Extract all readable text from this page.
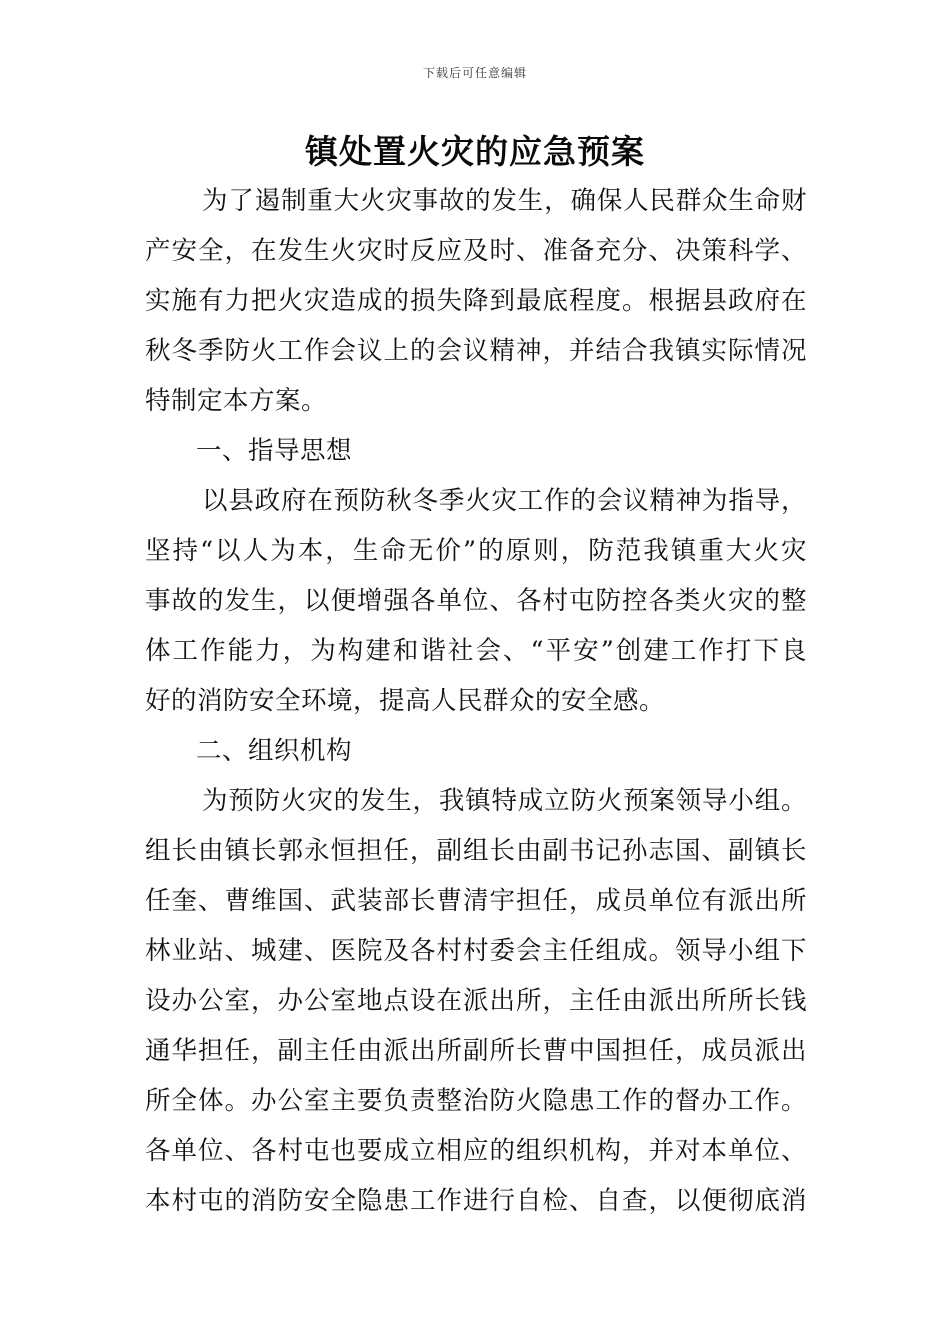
下载后可任意编辑
镇处置火灾的应急预案
为了遏制重大火灾事故的发生，确保人民群众生命财
产安全，在发生火灾时反应及时、准备充分、决策科学、
实施有力把火灾造成的损失降到最底程度。根据县政府在
秋冬季防火工作会议上的会议精神，并结合我镇实际情况
特制定本方案。
一、指导思想
以县政府在预防秋冬季火灾工作的会议精神为指导，
坚持“以人为本，生命无价”的原则，防范我镇重大火灾
事故的发生，以便增强各单位、各村屯防控各类火灾的整
体工作能力，为构建和谐社会、“平安”创建工作打下良
好的消防安全环境，提高人民群众的安全感。
二、组织机构
为预防火灾的发生，我镇特成立防火预案领导小组。
组长由镇长郭永恒担任，副组长由副书记孙志国、副镇长
任奎、曹维国、武装部长曹清宇担任，成员单位有派出所
林业站、城建、医院及各村村委会主任组成。领导小组下
设办公室，办公室地点设在派出所，主任由派出所所长钱
通华担任，副主任由派出所副所长曹中国担任，成员派出
所全体。办公室主要负责整治防火隐患工作的督办工作。
各单位、各村屯也要成立相应的组织机构，并对本单位、
本村屯的消防安全隐患工作进行自检、自查，以便彻底消
